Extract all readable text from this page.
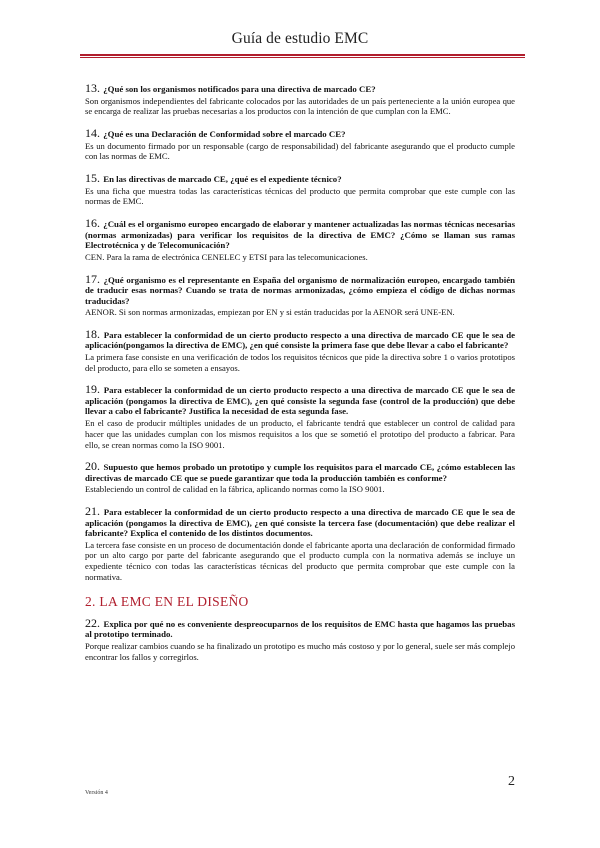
Guía de estudio EMC
13. ¿Qué son los organismos notificados para una directiva de marcado CE?
Son organismos independientes del fabricante colocados por las autoridades de un país perteneciente a la unión europea que se encarga de realizar las pruebas necesarias a los productos con la intención de que cumplan con la EMC.
14. ¿Qué es una Declaración de Conformidad sobre el marcado CE?
Es un documento firmado por un responsable (cargo de responsabilidad) del fabricante asegurando que el producto cumple con las normas de EMC.
15. En las directivas de marcado CE, ¿qué es el expediente técnico?
Es una ficha que muestra todas las características técnicas del producto que permita comprobar que este cumple con las normas de EMC.
16. ¿Cuál es el organismo europeo encargado de elaborar y mantener actualizadas las normas técnicas necesarias (normas armonizadas) para verificar los requisitos de la directiva de EMC? ¿Cómo se llaman sus ramas Electrotécnica y de Telecomunicación?
CEN. Para la rama de electrónica CENELEC y ETSI para las telecomunicaciones.
17. ¿Qué organismo es el representante en España del organismo de normalización europeo, encargado también de traducir esas normas? Cuando se trata de normas armonizadas, ¿cómo empieza el código de dichas normas traducidas?
AENOR. Si son normas armonizadas, empiezan por EN y si están traducidas por la AENOR será UNE-EN.
18. Para establecer la conformidad de un cierto producto respecto a una directiva de marcado CE que le sea de aplicación(pongamos la directiva de EMC), ¿en qué consiste la primera fase que debe llevar a cabo el fabricante?
La primera fase consiste en una verificación de todos los requisitos técnicos que pide la directiva sobre 1 o varios prototipos del producto, para ello se someten a ensayos.
19. Para establecer la conformidad de un cierto producto respecto a una directiva de marcado CE que le sea de aplicación (pongamos la directiva de EMC), ¿en qué consiste la segunda fase (control de la producción) que debe llevar a cabo el fabricante? Justifica la necesidad de esta segunda fase.
En el caso de producir múltiples unidades de un producto, el fabricante tendrá que establecer un control de calidad para hacer que las unidades cumplan con los mismos requisitos a los que se sometió el prototipo del producto a fabricar. Para ello, se crean normas como la ISO 9001.
20. Supuesto que hemos probado un prototipo y cumple los requisitos para el marcado CE, ¿cómo establecen las directivas de marcado CE que se puede garantizar que toda la producción también es conforme?
Estableciendo un control de calidad en la fábrica, aplicando normas como la ISO 9001.
21. Para establecer la conformidad de un cierto producto respecto a una directiva de marcado CE que le sea de aplicación (pongamos la directiva de EMC), ¿en qué consiste la tercera fase (documentación) que debe realizar el fabricante? Explica el contenido de los distintos documentos.
La tercera fase consiste en un proceso de documentación donde el fabricante aporta una declaración de conformidad firmado por un alto cargo por parte del fabricante asegurando que el producto cumpla con la normativa además se incluye un expediente técnico con todas las características técnicas del producto que permita comprobar que este cumple con la normativa.
2. LA EMC EN EL DISEÑO
22. Explica por qué no es conveniente despreocuparnos de los requisitos de EMC hasta que hagamos las pruebas al prototipo terminado.
Porque realizar cambios cuando se ha finalizado un prototipo es mucho más costoso y por lo general, suele ser más complejo encontrar los fallos y corregirlos.
2
Versión 4
